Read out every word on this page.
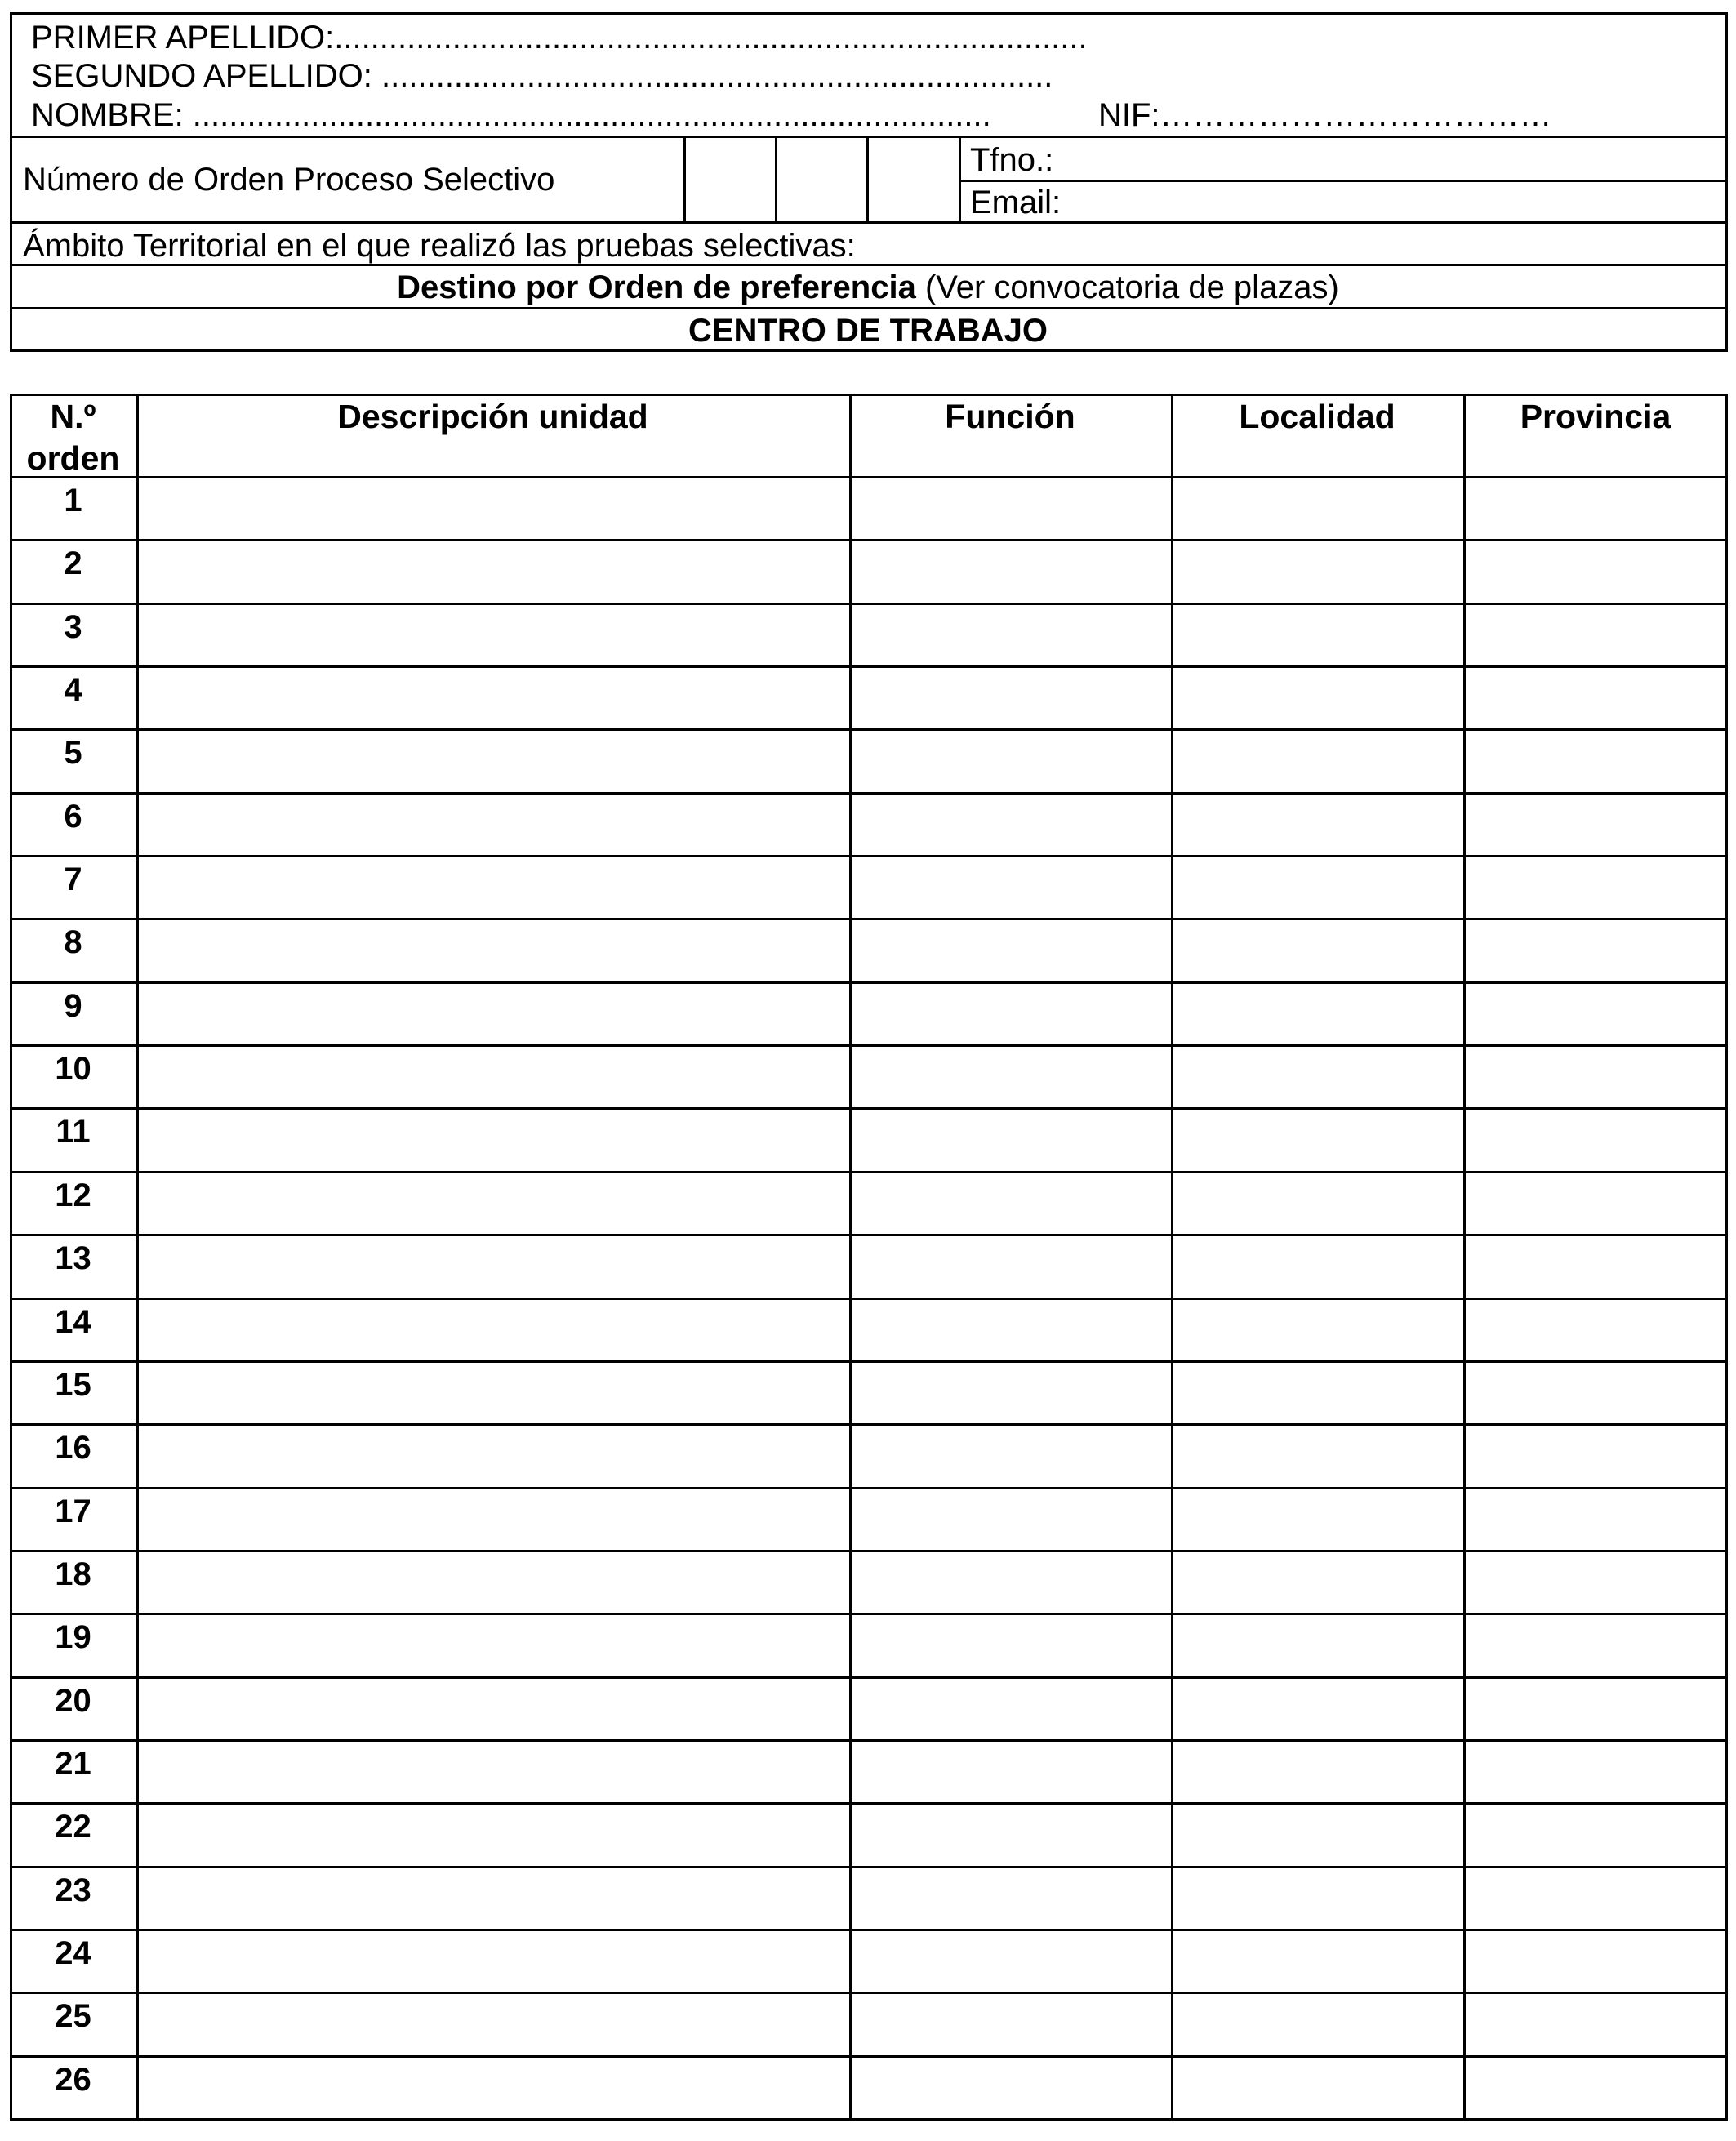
PRIMER APELLIDO:...................................................................................
SEGUNDO APELLIDO: ..........................................................................
NOMBRE: ........................................................................................	NIF:………………………………
Número de Orden Proceso Selectivo
Tfno.:
Email:
Ámbito Territorial en el que realizó las pruebas selectivas:
Destino por Orden de preferencia (Ver convocatoria de plazas)
CENTRO DE TRABAJO
N.º
orden
Descripción unidad	Función	Localidad	Provincia
1
2
3
4
5
6
7
8
9
10
11
12
13
14
15
16
17
18
19
20
21
22
23
24
25
26
